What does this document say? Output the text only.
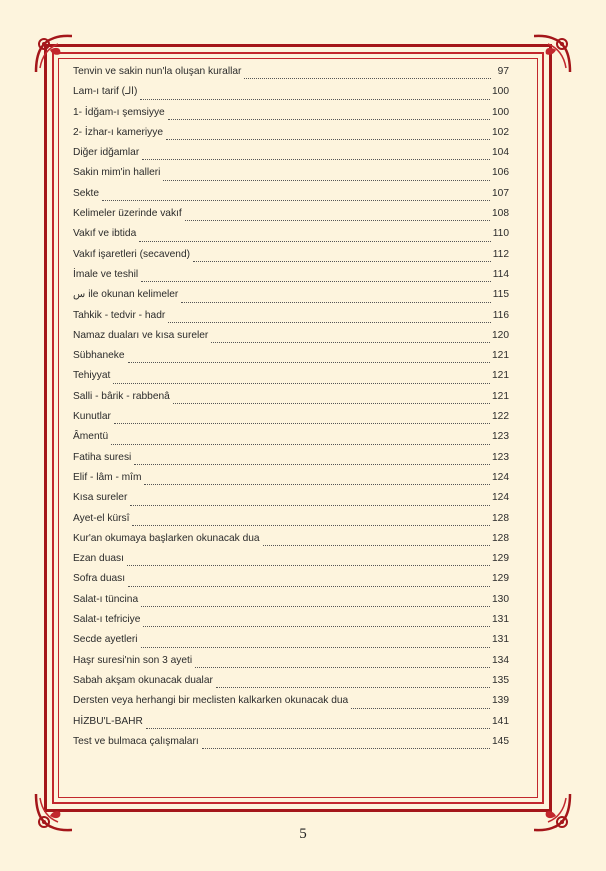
Tenvin ve sakin nun'la oluşan kurallar	97
Lam-ı tarif (الـ)	100
1- İdğam-ı şemsiyye	100
2- İzhar-ı kameriyye	102
Diğer idğamlar	104
Sakin mim'in halleri	106
Sekte	107
Kelimeler üzerinde vakıf	108
Vakıf ve ibtida	110
Vakıf işaretleri (secavend)	112
İmale ve teshil	114
س ile okunan kelimeler	115
Tahkik - tedvir - hadr	116
Namaz duaları ve kısa sureler	120
Sübhaneke	121
Tehiyyat	121
Salli - bârik - rabbenâ	121
Kunutlar	122
Âmentü	123
Fatiha suresi	123
Elif - lâm - mîm	124
Kısa sureler	124
Ayet-el kürsî	128
Kur'an okumaya başlarken okunacak dua	128
Ezan duası	129
Sofra duası	129
Salat-ı tüncina	130
Salat-ı tefriciye	131
Secde ayetleri	131
Haşr suresi'nin son 3 ayeti	134
Sabah akşam okunacak dualar	135
Dersten veya herhangi bir meclisten kalkarken okunacak dua	139
HİZBU'L-BAHR	141
Test ve bulmaca çalışmaları	145
5
